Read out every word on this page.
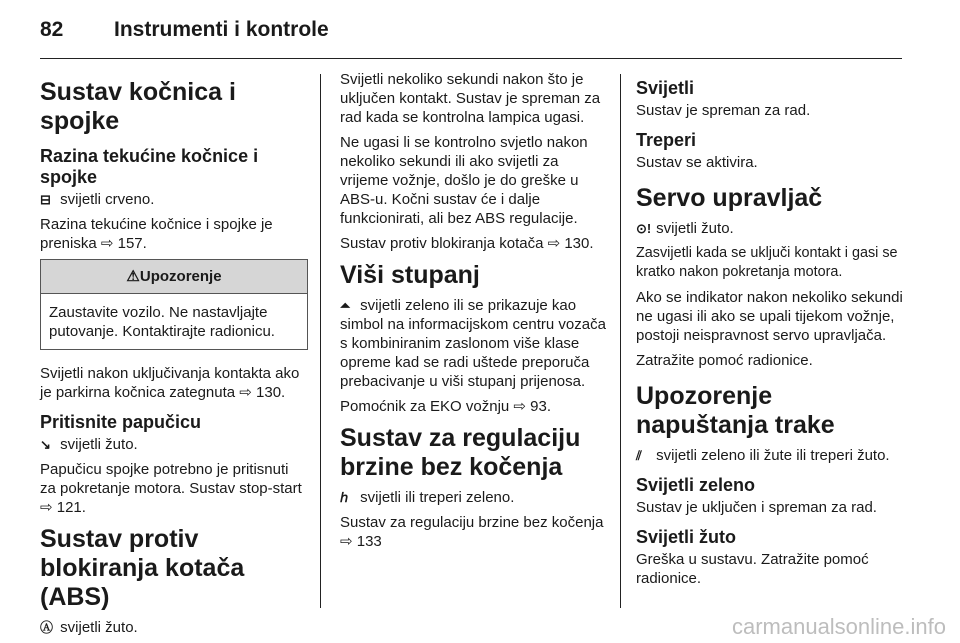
82 Instrumenti i kontrole
Sustav kočnica i spojke
Razina tekućine kočnice i spojke

⊟ svijetli crveno.

Razina tekućine kočnice i spojke je preniska ⇨ 157.

⚠Upozorenje
Zaustavite vozilo. Ne nastavljajte putovanje. Kontaktirajte radionicu.

Svijetli nakon uključivanja kontakta ako je parkirna kočnica zategnuta ⇨ 130.

Pritisnite papučicu

↘ svijetli žuto.

Papučicu spojke potrebno je pritisnuti za pokretanje motora. Sustav stop-start ⇨ 121.

Sustav protiv blokiranja kotača (ABS)

Ⓐ svijetli žuto.

Svijetli nekoliko sekundi nakon što je uključen kontakt. Sustav je spreman za rad kada se kontrolna lampica ugasi.

Ne ugasi li se kontrolno svjetlo nakon nekoliko sekundi ili ako svijetli za vrijeme vožnje, došlo je do greške u ABS-u. Kočni sustav će i dalje funkcionirati, ali bez ABS regulacije.

Sustav protiv blokiranja kotača ⇨ 130.

Viši stupanj

⏶ svijetli zeleno ili se prikazuje kao simbol na informacijskom centru vozača s kombiniranim zaslonom više klase opreme kad se radi uštede preporuča prebacivanje u viši stupanj prijenosa.

Pomoćnik za EKO vožnju ⇨ 93.

Sustav za regulaciju brzine bez kočenja

ℎ svijetli ili treperi zeleno.

Sustav za regulaciju brzine bez kočenja ⇨ 133

Svijetli

Sustav je spreman za rad.

Treperi

Sustav se aktivira.

Servo upravljač

⊙! svijetli žuto.

Zasvijetli kada se uključi kontakt i gasi se kratko nakon pokretanja motora.

Ako se indikator nakon nekoliko sekundi ne ugasi ili ako se upali tijekom vožnje, postoji neispravnost servo upravljača.

Zatražite pomoć radionice.

Upozorenje napuštanja trake

⫽ svijetli zeleno ili žute ili treperi žuto.

Svijetli zeleno

Sustav je uključen i spreman za rad.

Svijetli žuto

Greška u sustavu. Zatražite pomoć radionice.

carmanualsonline.info
